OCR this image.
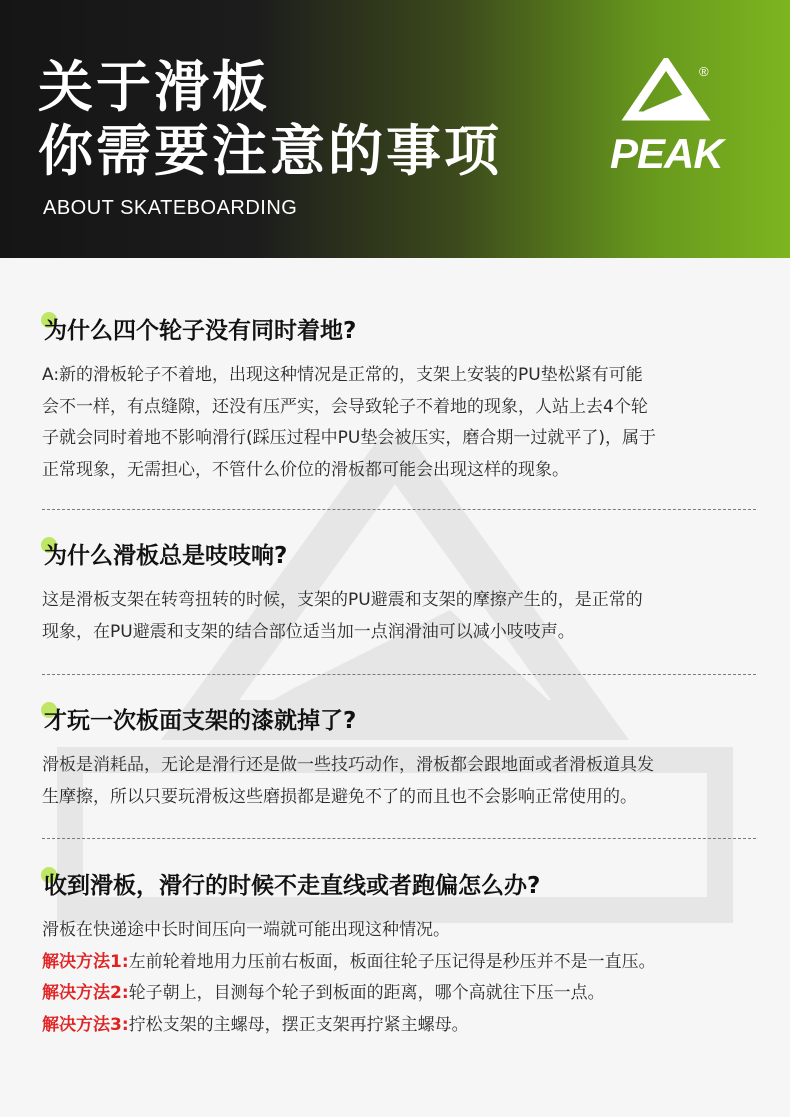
关于滑板
你需要注意的事项
ABOUT SKATEBOARDING
®
PEAK
为什么四个轮子没有同时着地?

A:新的滑板轮子不着地，出现这种情况是正常的，支架上安装的PU垫松紧有可能

会不一样，有点缝隙，还没有压严实，会导致轮子不着地的现象，人站上去4个轮

子就会同时着地不影响滑行(踩压过程中PU垫会被压实，磨合期一过就平了)，属于

正常现象，无需担心，不管什么价位的滑板都可能会出现这样的现象。

为什么滑板总是吱吱响?

这是滑板支架在转弯扭转的时候，支架的PU避震和支架的摩擦产生的，是正常的

现象，在PU避震和支架的结合部位适当加一点润滑油可以减小吱吱声。

才玩一次板面支架的漆就掉了?

滑板是消耗品，无论是滑行还是做一些技巧动作，滑板都会跟地面或者滑板道具发

生摩擦，所以只要玩滑板这些磨损都是避免不了的而且也不会影响正常使用的。

收到滑板，滑行的时候不走直线或者跑偏怎么办?

滑板在快递途中长时间压向一端就可能出现这种情况。

解决方法1:左前轮着地用力压前右板面，板面往轮子压记得是秒压并不是一直压。

解决方法2:轮子朝上，目测每个轮子到板面的距离，哪个高就往下压一点。

解决方法3:拧松支架的主螺母，摆正支架再拧紧主螺母。
